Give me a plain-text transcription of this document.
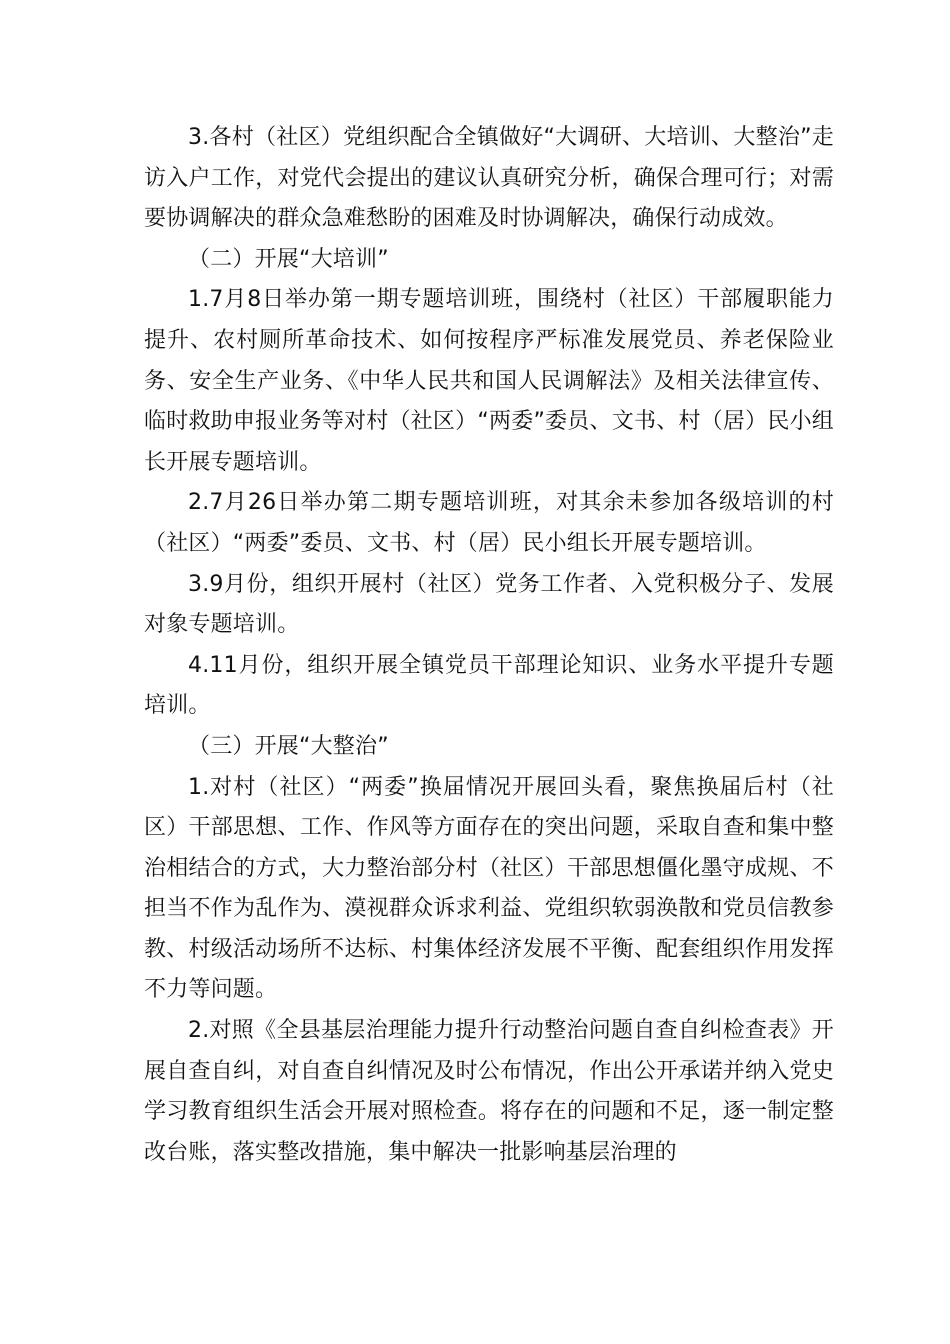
3.各村（社区）党组织配合全镇做好“大调研、大培训、大整治”走访入户工作，对党代会提出的建议认真研究分析，确保合理可行；对需要协调解决的群众急难愁盼的困难及时协调解决，确保行动成效。

（二）开展“大培训”

1.7月8日举办第一期专题培训班，围绕村（社区）干部履职能力提升、农村厕所革命技术、如何按程序严标准发展党员、养老保险业务、安全生产业务、《中华人民共和国人民调解法》及相关法律宣传、临时救助申报业务等对村（社区）“两委”委员、文书、村（居）民小组长开展专题培训。

2.7月26日举办第二期专题培训班，对其余未参加各级培训的村（社区）“两委”委员、文书、村（居）民小组长开展专题培训。

3.9月份，组织开展村（社区）党务工作者、入党积极分子、发展对象专题培训。

4.11月份，组织开展全镇党员干部理论知识、业务水平提升专题培训。

（三）开展“大整治”

1.对村（社区）“两委”换届情况开展回头看，聚焦换届后村（社区）干部思想、工作、作风等方面存在的突出问题，采取自查和集中整治相结合的方式，大力整治部分村（社区）干部思想僵化墨守成规、不担当不作为乱作为、漠视群众诉求利益、党组织软弱涣散和党员信教参教、村级活动场所不达标、村集体经济发展不平衡、配套组织作用发挥不力等问题。

2.对照《全县基层治理能力提升行动整治问题自查自纠检查表》开展自查自纠，对自查自纠情况及时公布情况，作出公开承诺并纳入党史学习教育组织生活会开展对照检查。将存在的问题和不足，逐一制定整改台账，落实整改措施，集中解决一批影响基层治理的
